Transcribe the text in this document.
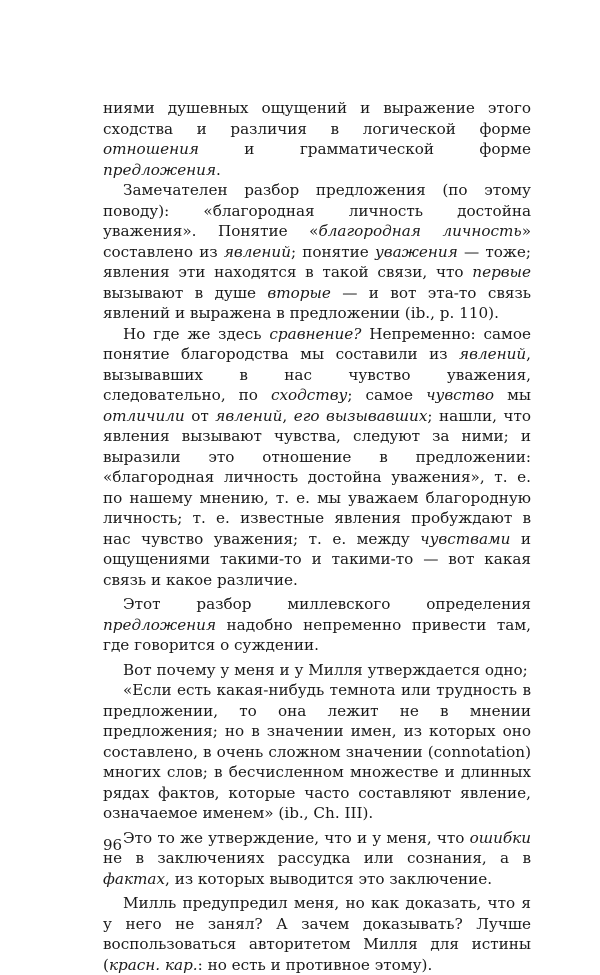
ниями душевных ощущений и выражение этого сходства и различия в логической форме отношения и грамматической форме предложения.

Замечателен разбор предложения (по этому поводу): «благородная личность достойна уважения». Понятие «благородная личность» составлено из явлений; понятие уважения — тоже; явления эти находятся в такой связи, что первые вызывают в душе вторые — и вот эта-то связь явлений и выражена в предложении (ib., p. 110).

Но где же здесь сравнение? Непременно: самое понятие благородства мы составили из явлений, вызывавших в нас чувство уважения, следовательно, по сходству; самое чувство мы отличили от явлений, его вызывавших; нашли, что явления вызывают чувства, следуют за ними; и выразили это отношение в предложении: «благородная личность достойна уважения», т. е. по нашему мнению, т. е. мы уважаем благородную личность; т. е. известные явления пробуждают в нас чувство уважения; т. е. между чувствами и ощущениями такими-то и такими-то — вот какая связь и какое различие.

Этот разбор миллевского определения предложения надобно непременно привести там, где говорится о суждении.

Вот почему у меня и у Милля утверждается одно;

«Если есть какая-нибудь темнота или трудность в предложении, то она лежит не в мнении предложения; но в значении имен, из которых оно составлено, в очень сложном значении (connotation) многих слов; в бесчисленном множестве и длинных рядах фактов, которые часто составляют явление, означаемое именем» (ib., Ch. III).

Это то же утверждение, что и у меня, что ошибки не в заключениях рассудка или сознания, а в фактах, из которых выводится это заключение.

Милль предупредил меня, но как доказать, что я у него не занял? А зачем доказывать? Лучше воспользоваться авторитетом Милля для истины (красн. кар.: но есть и противное этому).

96
